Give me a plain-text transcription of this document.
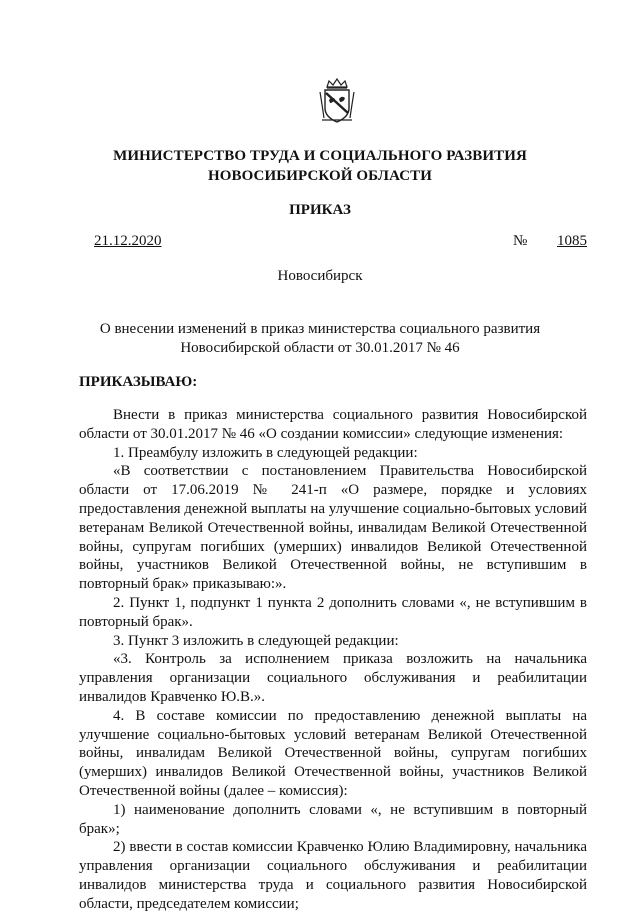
МИНИСТЕРСТВО ТРУДА И СОЦИАЛЬНОГО РАЗВИТИЯ
НОВОСИБИРСКОЙ ОБЛАСТИ
ПРИКАЗ
21.12.2020	№ 1085
Новосибирск
О внесении изменений в приказ министерства социального развития
Новосибирской области от 30.01.2017 № 46
ПРИКАЗЫВАЮ:

Внести в приказ министерства социального развития Новосибирской области от 30.01.2017 № 46 «О создании комиссии» следующие изменения:

1. Преамбулу изложить в следующей редакции:

«В соответствии с постановлением Правительства Новосибирской области от 17.06.2019 № 241-п «О размере, порядке и условиях предоставления денежной выплаты на улучшение социально-бытовых условий ветеранам Великой Отечественной войны, инвалидам Великой Отечественной войны, супругам погибших (умерших) инвалидов Великой Отечественной войны, участников Великой Отечественной войны, не вступившим в повторный брак» приказываю:».

2. Пункт 1, подпункт 1 пункта 2 дополнить словами «, не вступившим в повторный брак».

3. Пункт 3 изложить в следующей редакции:

«3. Контроль за исполнением приказа возложить на начальника управления организации социального обслуживания и реабилитации инвалидов Кравченко Ю.В.».

4. В составе комиссии по предоставлению денежной выплаты на улучшение социально-бытовых условий ветеранам Великой Отечественной войны, инвалидам Великой Отечественной войны, супругам погибших (умерших) инвалидов Великой Отечественной войны, участников Великой Отечественной войны (далее – комиссия):

1) наименование дополнить словами «, не вступившим в повторный брак»;

2) ввести в состав комиссии Кравченко Юлию Владимировну, начальника управления организации социального обслуживания и реабилитации инвалидов министерства труда и социального развития Новосибирской области, председателем комиссии;
